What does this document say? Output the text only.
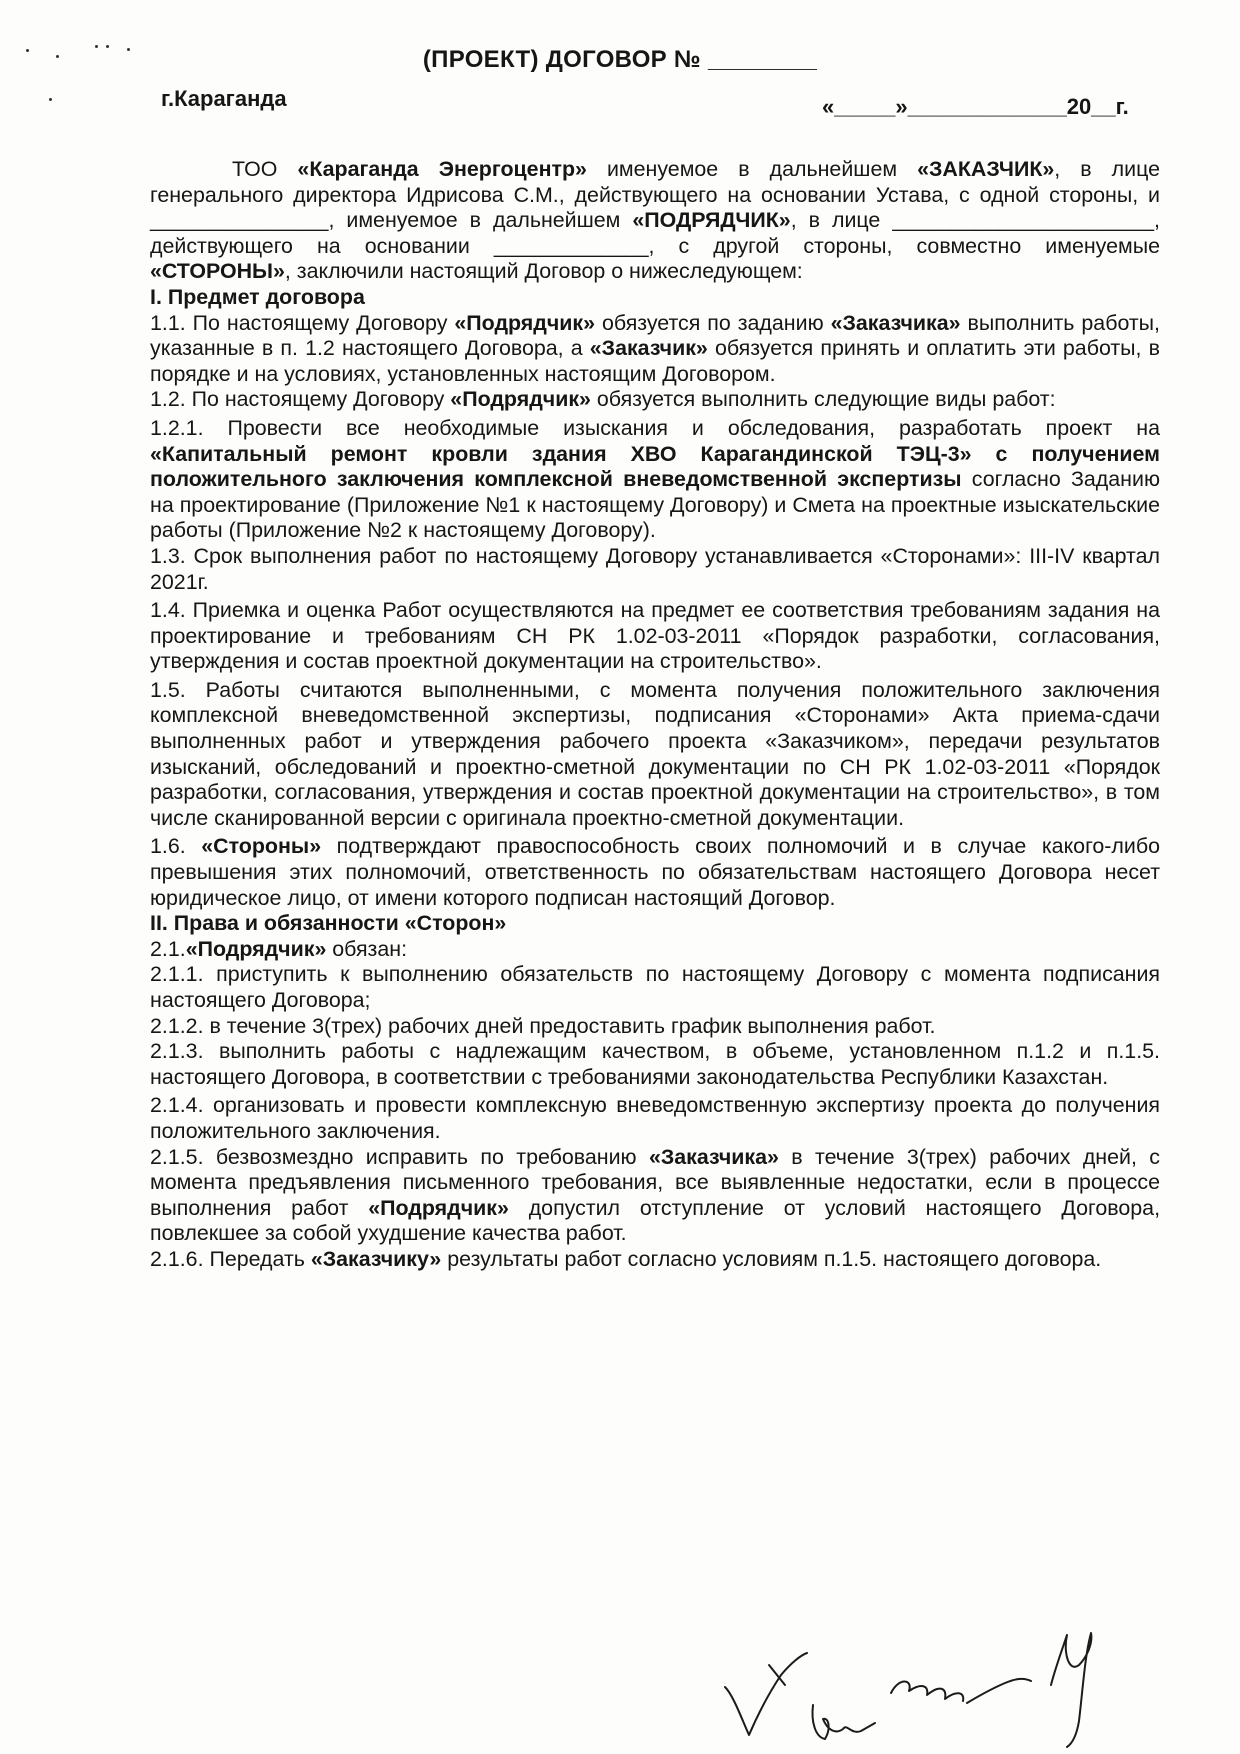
(ПРОЕКТ) ДОГОВОР № ________
г.Караганда	«_____»_____________20__г.

ТОО «Караганда Энергоцентр» именуемое в дальнейшем «ЗАКАЗЧИК», в лице генерального директора Идрисова С.М., действующего на основании Устава, с одной стороны, и _______________, именуемое в дальнейшем «ПОДРЯДЧИК», в лице ______________________, действующего на основании _____________, с другой стороны, совместно именуемые «СТОРОНЫ», заключили настоящий Договор о нижеследующем:

I. Предмет договора

1.1. По настоящему Договору «Подрядчик» обязуется по заданию «Заказчика» выполнить работы, указанные в п. 1.2 настоящего Договора, а «Заказчик» обязуется принять и оплатить эти работы, в порядке и на условиях, установленных настоящим Договором.

1.2. По настоящему Договору «Подрядчик» обязуется выполнить следующие виды работ:

1.2.1. Провести все необходимые изыскания и обследования, разработать проект на «Капитальный ремонт кровли здания ХВО Карагандинской ТЭЦ-3» с получением положительного заключения комплексной вневедомственной экспертизы согласно Заданию на проектирование (Приложение №1 к настоящему Договору) и Смета на проектные изыскательские работы (Приложение №2 к настоящему Договору).

1.3. Срок выполнения работ по настоящему Договору устанавливается «Сторонами»: III-IV квартал 2021г.

1.4. Приемка и оценка Работ осуществляются на предмет ее соответствия требованиям задания на проектирование и требованиям СН РК 1.02-03-2011 «Порядок разработки, согласования, утверждения и состав проектной документации на строительство».

1.5. Работы считаются выполненными, с момента получения положительного заключения комплексной вневедомственной экспертизы, подписания «Сторонами» Акта приема-сдачи выполненных работ и утверждения рабочего проекта «Заказчиком», передачи результатов изысканий, обследований и проектно-сметной документации по СН РК 1.02-03-2011 «Порядок разработки, согласования, утверждения и состав проектной документации на строительство», в том числе сканированной версии с оригинала проектно-сметной документации.

1.6. «Стороны» подтверждают правоспособность своих полномочий и в случае какого-либо превышения этих полномочий, ответственность по обязательствам настоящего Договора несет юридическое лицо, от имени которого подписан настоящий Договор.

II. Права и обязанности «Сторон»

2.1.«Подрядчик» обязан:

2.1.1. приступить к выполнению обязательств по настоящему Договору с момента подписания настоящего Договора;

2.1.2. в течение 3(трех) рабочих дней предоставить график выполнения работ.

2.1.3. выполнить работы с надлежащим качеством, в объеме, установленном п.1.2 и п.1.5. настоящего Договора, в соответствии с требованиями законодательства Республики Казахстан.

2.1.4. организовать и провести комплексную вневедомственную экспертизу проекта до получения положительного заключения.

2.1.5. безвозмездно исправить по требованию «Заказчика» в течение 3(трех) рабочих дней, с момента предъявления письменного требования, все выявленные недостатки, если в процессе выполнения работ «Подрядчик» допустил отступление от условий настоящего Договора, повлекшее за собой ухудшение качества работ.

2.1.6. Передать «Заказчику» результаты работ согласно условиям п.1.5. настоящего договора.
